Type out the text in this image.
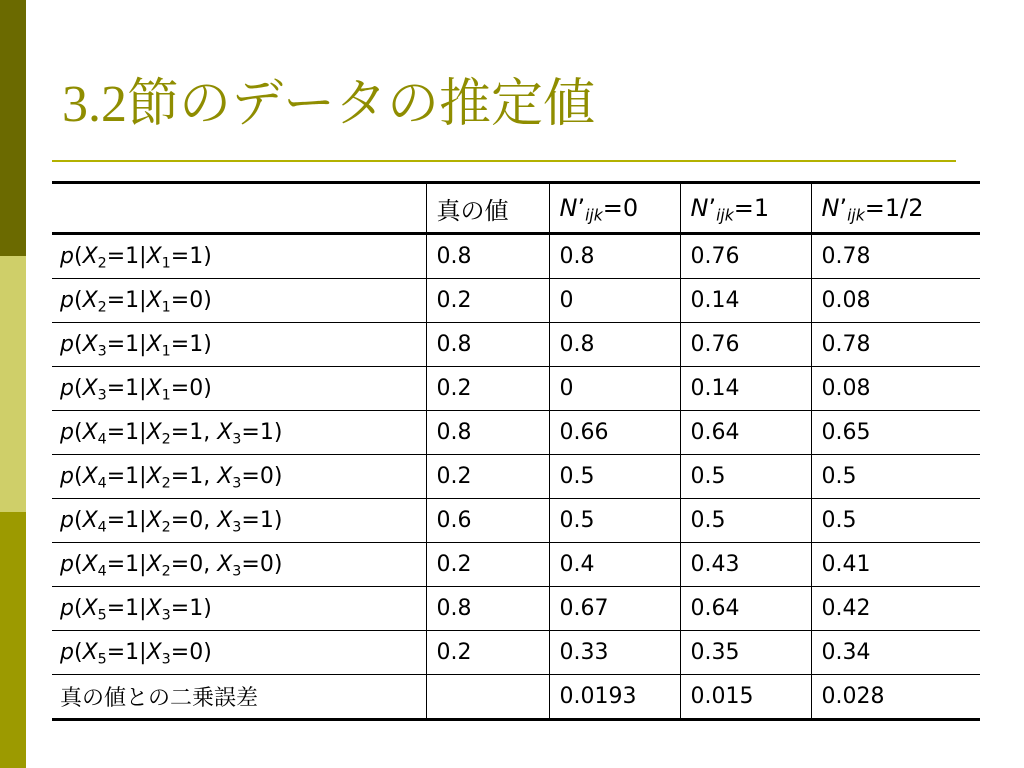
3.2節のデータの推定値
	真の値	$N’_{ijk}=0$	$N’_{ijk}=1$	$N’_{ijk}=1/2$
$p(X_2=1|X_1=1)$	0.8	0.8	0.76	0.78
$p(X_2=1|X_1=0)$	0.2	0	0.14	0.08
$p(X_3=1|X_1=1)$	0.8	0.8	0.76	0.78
$p(X_3=1|X_1=0)$	0.2	0	0.14	0.08
$p(X_4=1|X_2=1$, $X_3=1$)	0.8	0.66	0.64	0.65
$p(X_4=1|X_2=1$, $X_3=0$)	0.2	0.5	0.5	0.5
$p(X_4=1|X_2=0$, $X_3=1$)	0.6	0.5	0.5	0.5
$p(X_4=1|X_2=0$, $X_3=0$)	0.2	0.4	0.43	0.41
$p(X_5=1|X_3=1)$	0.8	0.67	0.64	0.42
$p(X_5=1|X_3=0)$	0.2	0.33	0.35	0.34
真の値との二乗誤差		0.0193	0.015	0.028
